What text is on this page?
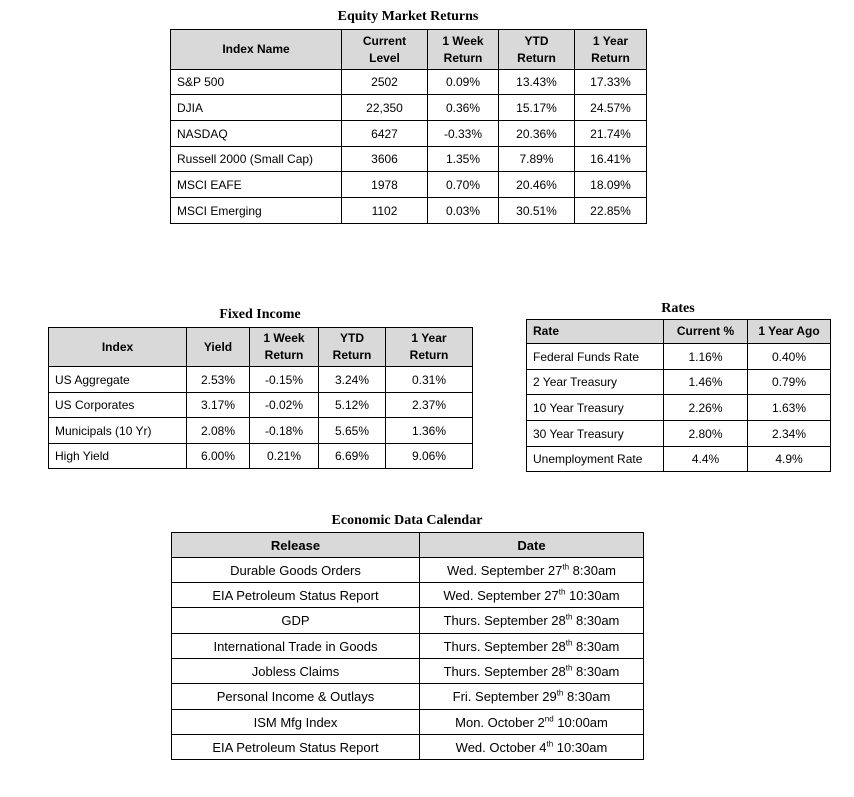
Equity Market Returns
Index Name	Current Level	1 Week Return	YTD Return	1 Year Return
S&P 500	2502	0.09%	13.43%	17.33%
DJIA	22,350	0.36%	15.17%	24.57%
NASDAQ	6427	-0.33%	20.36%	21.74%
Russell 2000 (Small Cap)	3606	1.35%	7.89%	16.41%
MSCI EAFE	1978	0.70%	20.46%	18.09%
MSCI Emerging	1102	0.03%	30.51%	22.85%
Fixed Income
Index	Yield	1 Week Return	YTD Return	1 Year Return
US Aggregate	2.53%	-0.15%	3.24%	0.31%
US Corporates	3.17%	-0.02%	5.12%	2.37%
Municipals (10 Yr)	2.08%	-0.18%	5.65%	1.36%
High Yield	6.00%	0.21%	6.69%	9.06%
Rates
Rate	Current %	1 Year Ago
Federal Funds Rate	1.16%	0.40%
2 Year Treasury	1.46%	0.79%
10 Year Treasury	2.26%	1.63%
30 Year Treasury	2.80%	2.34%
Unemployment Rate	4.4%	4.9%
Economic Data Calendar
Release	Date
Durable Goods Orders	Wed. September 27th 8:30am
EIA Petroleum Status Report	Wed. September 27th 10:30am
GDP	Thurs. September 28th 8:30am
International Trade in Goods	Thurs. September 28th 8:30am
Jobless Claims	Thurs. September 28th 8:30am
Personal Income & Outlays	Fri. September 29th 8:30am
ISM Mfg Index	Mon. October 2nd 10:00am
EIA Petroleum Status Report	Wed. October 4th 10:30am
